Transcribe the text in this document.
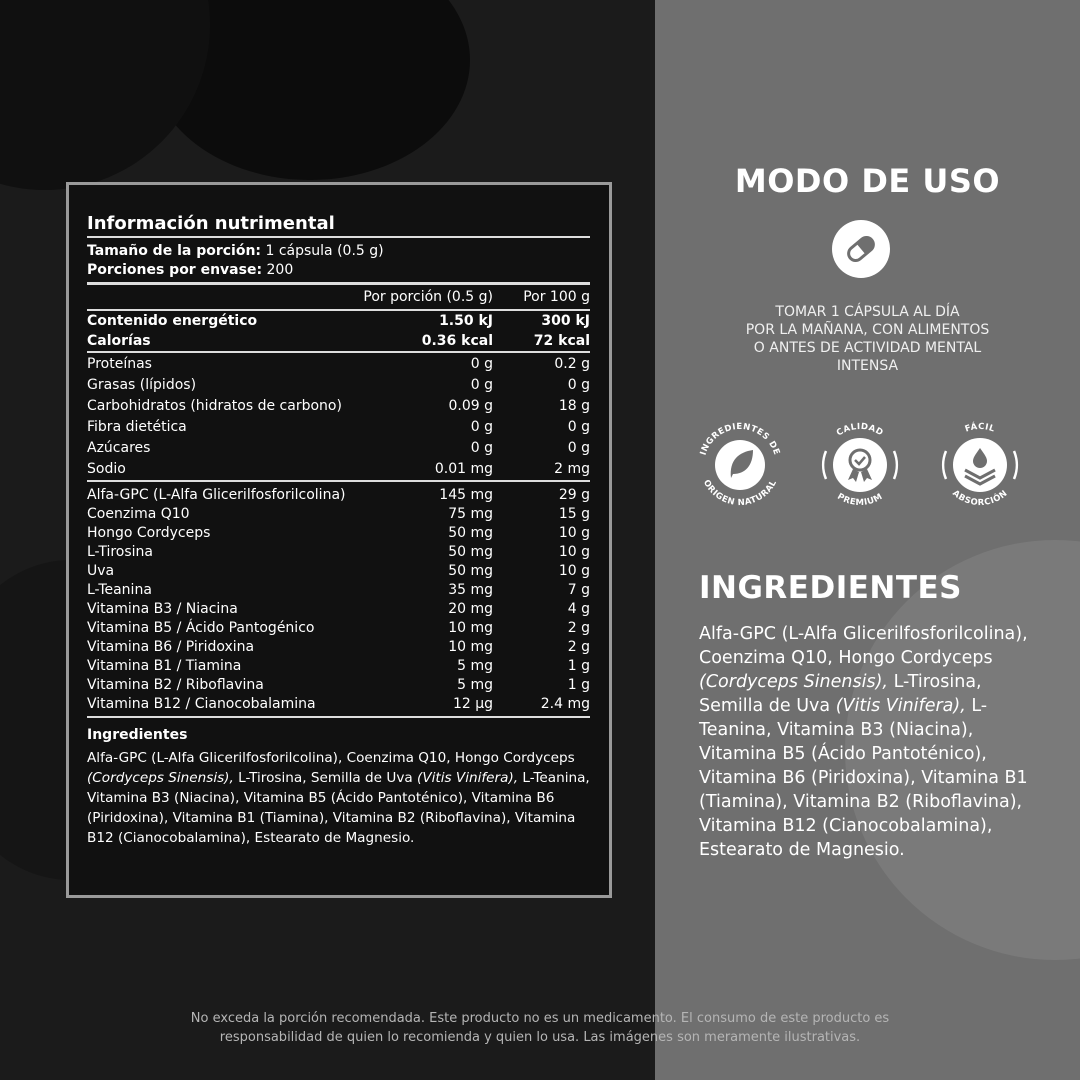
MODO DE USO
TOMAR 1 CÁPSULA AL DÍA
POR LA MAÑANA, CON ALIMENTOS
O ANTES DE ACTIVIDAD MENTAL
INTENSA
INGREDIENTES DE
ORIGEN NATURAL
CALIDAD
PREMIUM
FÁCIL
ABSORCIÓN
INGREDIENTES
Alfa-GPC (L-Alfa Glicerilfosforilcolina), Coenzima Q10, Hongo Cordyceps (Cordyceps Sinensis), L-Tirosina, Semilla de Uva (Vitis Vinifera), L-Teanina, Vitamina B3 (Niacina), Vitamina B5 (Ácido Pantoténico), Vitamina B6 (Piridoxina), Vitamina B1 (Tiamina), Vitamina B2 (Riboflavina), Vitamina B12 (Cianocobalamina), Estearato de Magnesio.
Información nutrimental
Tamaño de la porción:
1 cápsula (0.5 g)
Porciones por envase:
200
Por porción (0.5 g)	Por 100 g
Contenido energético	1.50 kJ	300 kJ
Calorías	0.36 kcal	72 kcal
Proteínas	0 g	0.2 g
Grasas (lípidos)	0 g	0 g
Carbohidratos (hidratos de carbono)	0.09 g	18 g
Fibra dietética	0 g	0 g
Azúcares	0 g	0 g
Sodio	0.01 mg	2 mg
Alfa-GPC (L-Alfa Glicerilfosforilcolina)	145 mg	29 g
Coenzima Q10	75 mg	15 g
Hongo Cordyceps	50 mg	10 g
L-Tirosina	50 mg	10 g
Uva	50 mg	10 g
L-Teanina	35 mg	7 g
Vitamina B3 / Niacina	20 mg	4 g
Vitamina B5 / Ácido Pantogénico	10 mg	2 g
Vitamina B6 / Piridoxina	10 mg	2 g
Vitamina B1 / Tiamina	5 mg	1 g
Vitamina B2 / Riboflavina	5 mg	1 g
Vitamina B12 / Cianocobalamina	12 µg	2.4 mg
Ingredientes
Alfa-GPC (L-Alfa Glicerilfosforilcolina), Coenzima Q10, Hongo Cordyceps (Cordyceps Sinensis), L-Tirosina, Semilla de Uva (Vitis Vinifera), L-Teanina, Vitamina B3 (Niacina), Vitamina B5 (Ácido Pantoténico), Vitamina B6 (Piridoxina), Vitamina B1 (Tiamina), Vitamina B2 (Riboflavina), Vitamina B12 (Cianocobalamina), Estearato de Magnesio.
No exceda la porción recomendada. Este producto no es un medicamento. El consumo de este producto es
responsabilidad de quien lo recomienda y quien lo usa. Las imágenes son meramente ilustrativas.
